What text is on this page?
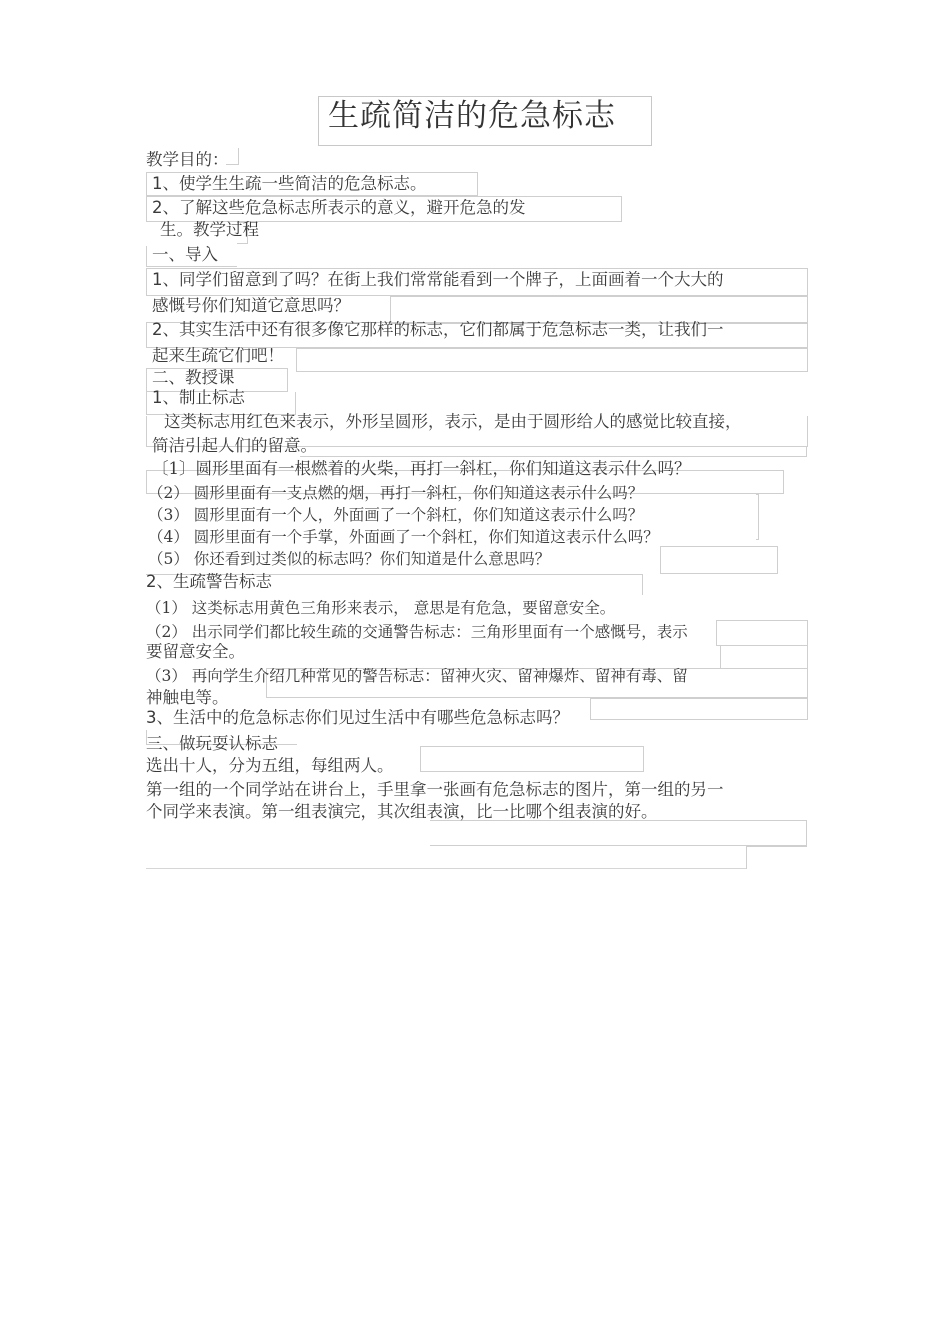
生疏简洁的危急标志
教学目的：
1、使学生生疏一些简洁的危急标志。
2、了解这些危急标志所表示的意义，避开危急的发
生。教学过程
一、导入
1、同学们留意到了吗？在街上我们常常能看到一个牌子，上面画着一个大大的
感慨号你们知道它意思吗？
2、其实生活中还有很多像它那样的标志，它们都属于危急标志一类，让我们一
起来生疏它们吧！
二、教授课
1、制止标志
这类标志用红色来表示，外形呈圆形，表示，是由于圆形给人的感觉比较直接，
简洁引起人们的留意。
〔1〕圆形里面有一根燃着的火柴，再打一斜杠，你们知道这表示什么吗？
（2） 圆形里面有一支点燃的烟，再打一斜杠，你们知道这表示什么吗？
（3） 圆形里面有一个人，外面画了一个斜杠，你们知道这表示什么吗？
（4） 圆形里面有一个手掌，外面画了一个斜杠，你们知道这表示什么吗？
（5） 你还看到过类似的标志吗？你们知道是什么意思吗？
2、生疏警告标志
（1） 这类标志用黄色三角形来表示， 意思是有危急，要留意安全。
（2） 出示同学们都比较生疏的交通警告标志：三角形里面有一个感慨号，表示
要留意安全。
（3） 再向学生介绍几种常见的警告标志：留神火灾、留神爆炸、留神有毒、留
神触电等。
3、生活中的危急标志你们见过生活中有哪些危急标志吗？
三、做玩耍认标志
选出十人，分为五组，每组两人。
第一组的一个同学站在讲台上，手里拿一张画有危急标志的图片，第一组的另一
个同学来表演。第一组表演完，其次组表演，比一比哪个组表演的好。
